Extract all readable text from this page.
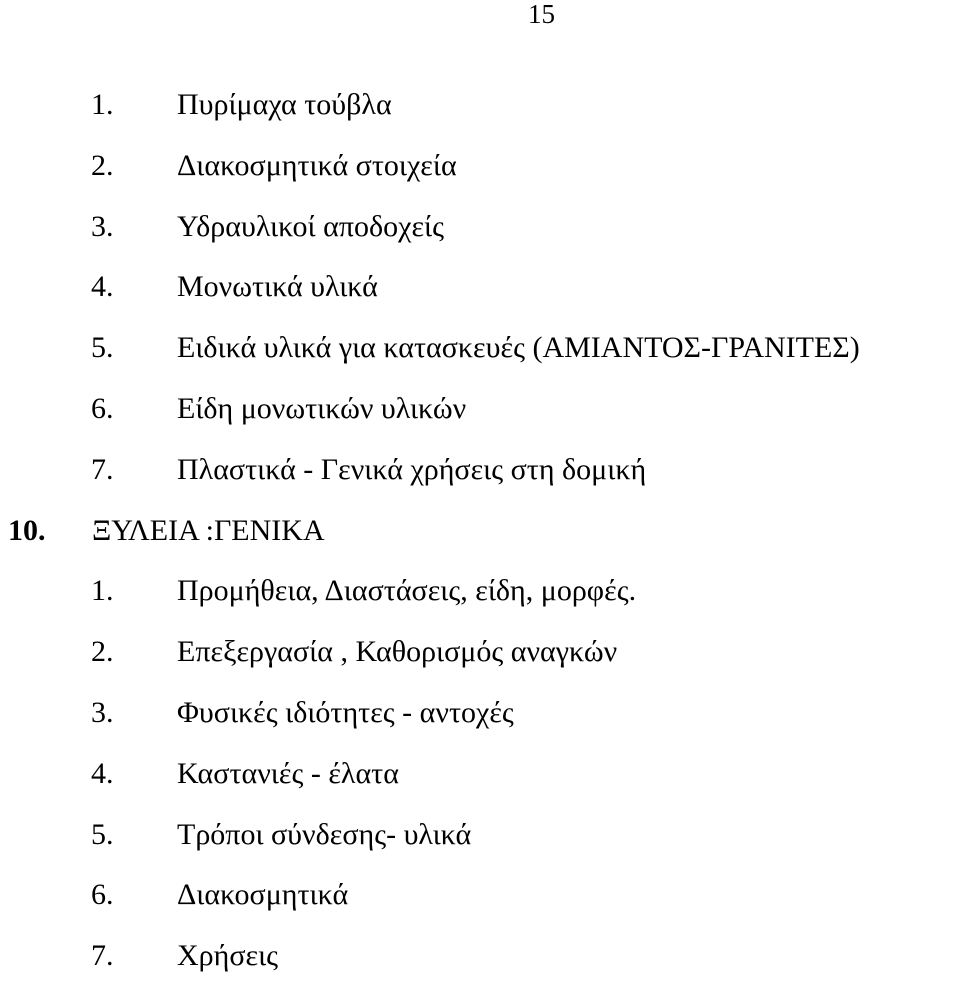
15
1. Πυρίμαχα τούβλα
2. Διακοσμητικά στοιχεία
3. Υδραυλικοί αποδοχείς
4. Μονωτικά υλικά
5. Ειδικά υλικά για κατασκευές (ΑΜΙΑΝΤΟΣ-ΓΡΑΝΙΤΕΣ)
6. Είδη μονωτικών υλικών
7. Πλαστικά - Γενικά χρήσεις στη δομική
10. ΞΥΛΕΙΑ :ΓΕΝΙΚΑ
1. Προμήθεια, Διαστάσεις, είδη, μορφές.
2. Επεξεργασία , Καθορισμός αναγκών
3. Φυσικές ιδιότητες - αντοχές
4. Καστανιές - έλατα
5. Τρόποι σύνδεσης- υλικά
6. Διακοσμητικά
7. Χρήσεις
